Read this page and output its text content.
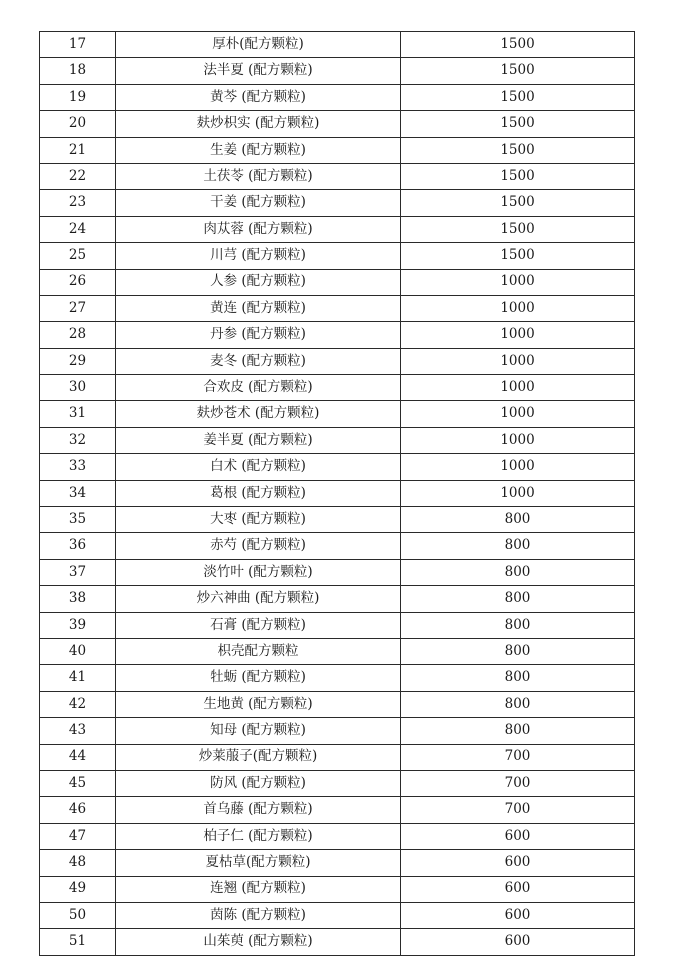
17	厚朴(配方颗粒)	1500
18	法半夏 (配方颗粒)	1500
19	黄芩 (配方颗粒)	1500
20	麸炒枳实 (配方颗粒)	1500
21	生姜 (配方颗粒)	1500
22	土茯苓 (配方颗粒)	1500
23	干姜 (配方颗粒)	1500
24	肉苁蓉 (配方颗粒)	1500
25	川芎 (配方颗粒)	1500
26	人参 (配方颗粒)	1000
27	黄连 (配方颗粒)	1000
28	丹参 (配方颗粒)	1000
29	麦冬 (配方颗粒)	1000
30	合欢皮 (配方颗粒)	1000
31	麸炒苍术 (配方颗粒)	1000
32	姜半夏 (配方颗粒)	1000
33	白术 (配方颗粒)	1000
34	葛根 (配方颗粒)	1000
35	大枣 (配方颗粒)	800
36	赤芍 (配方颗粒)	800
37	淡竹叶 (配方颗粒)	800
38	炒六神曲 (配方颗粒)	800
39	石膏 (配方颗粒)	800
40	枳壳配方颗粒	800
41	牡蛎 (配方颗粒)	800
42	生地黄 (配方颗粒)	800
43	知母 (配方颗粒)	800
44	炒莱菔子(配方颗粒)	700
45	防风 (配方颗粒)	700
46	首乌藤 (配方颗粒)	700
47	柏子仁 (配方颗粒)	600
48	夏枯草(配方颗粒)	600
49	连翘 (配方颗粒)	600
50	茵陈 (配方颗粒)	600
51	山茱萸 (配方颗粒)	600
